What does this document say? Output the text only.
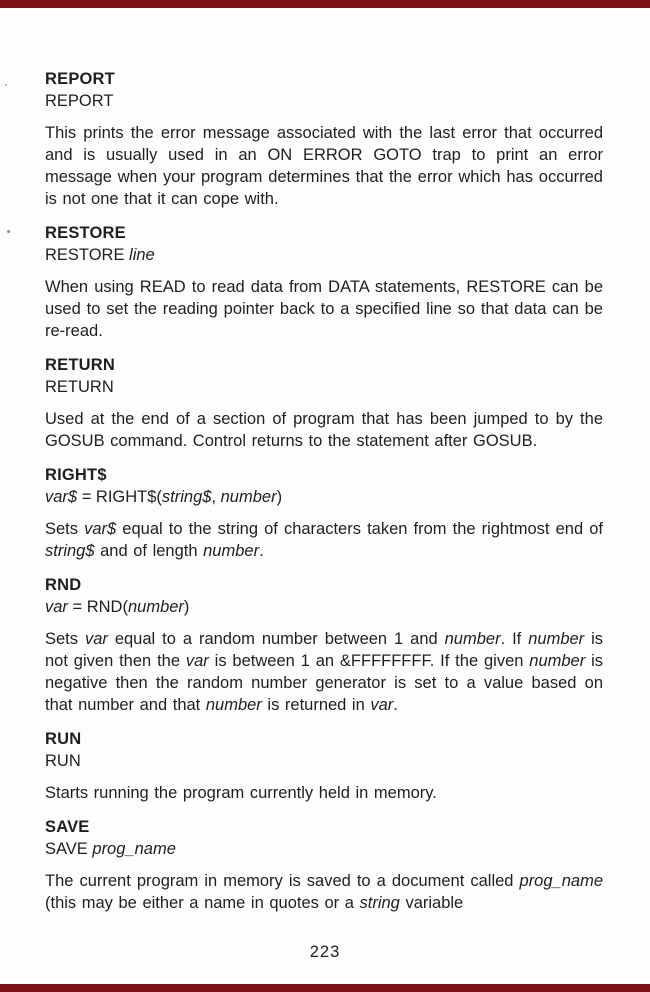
REPORT

REPORT

This prints the error message associated with the last error that occurred and is usually used in an ON ERROR GOTO trap to print an error message when your program determines that the error which has occurred is not one that it can cope with.

RESTORE

RESTORE line

When using READ to read data from DATA statements, RESTORE can be used to set the reading pointer back to a specified line so that data can be re-read.

RETURN

RETURN

Used at the end of a section of program that has been jumped to by the GOSUB command. Control returns to the statement after GOSUB.

RIGHT$

var$ = RIGHT$(string$, number)

Sets var$ equal to the string of characters taken from the rightmost end of string$ and of length number.

RND

var = RND(number)

Sets var equal to a random number between 1 and number. If number is not given then the var is between 1 an &FFFFFFFF. If the given number is negative then the random number generator is set to a value based on that number and that number is returned in var.

RUN

RUN

Starts running the program currently held in memory.

SAVE

SAVE prog_name

The current program in memory is saved to a document called prog_name (this may be either a name in quotes or a string variable

223
